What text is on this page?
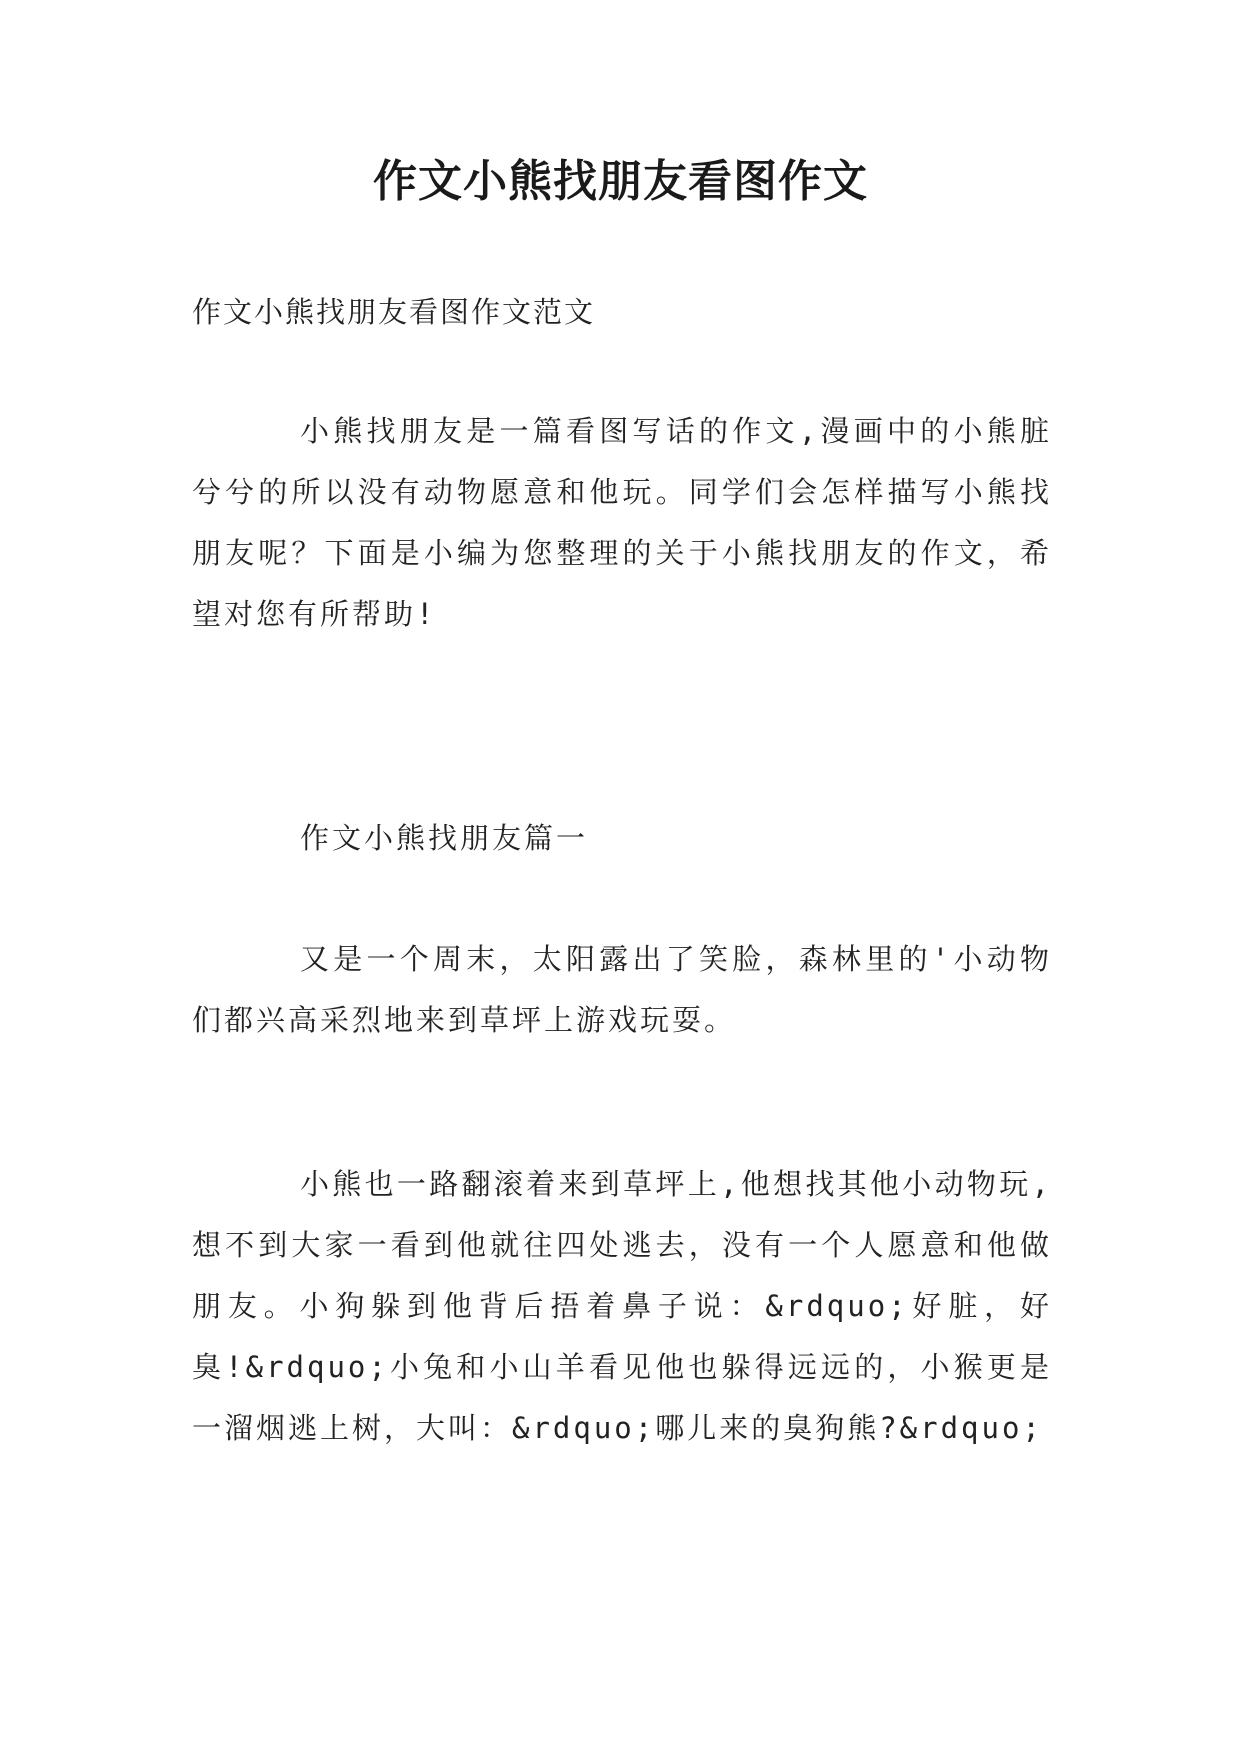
作文小熊找朋友看图作文

作文小熊找朋友看图作文范文

小熊找朋友是一篇看图写话的作文,漫画中的小熊脏兮兮的所以没有动物愿意和他玩。同学们会怎样描写小熊找朋友呢？下面是小编为您整理的关于小熊找朋友的作文，希望对您有所帮助!

作文小熊找朋友篇一

又是一个周末，太阳露出了笑脸，森林里的'小动物们都兴高采烈地来到草坪上游戏玩耍。

小熊也一路翻滚着来到草坪上,他想找其他小动物玩,想不到大家一看到他就往四处逃去，没有一个人愿意和他做朋友。小狗躲到他背后捂着鼻子说：&rdquo;好脏，好臭!&rdquo;小兔和小山羊看见他也躲得远远的，小猴更是一溜烟逃上树，大叫：&rdquo;哪儿来的臭狗熊?&rdquo;
